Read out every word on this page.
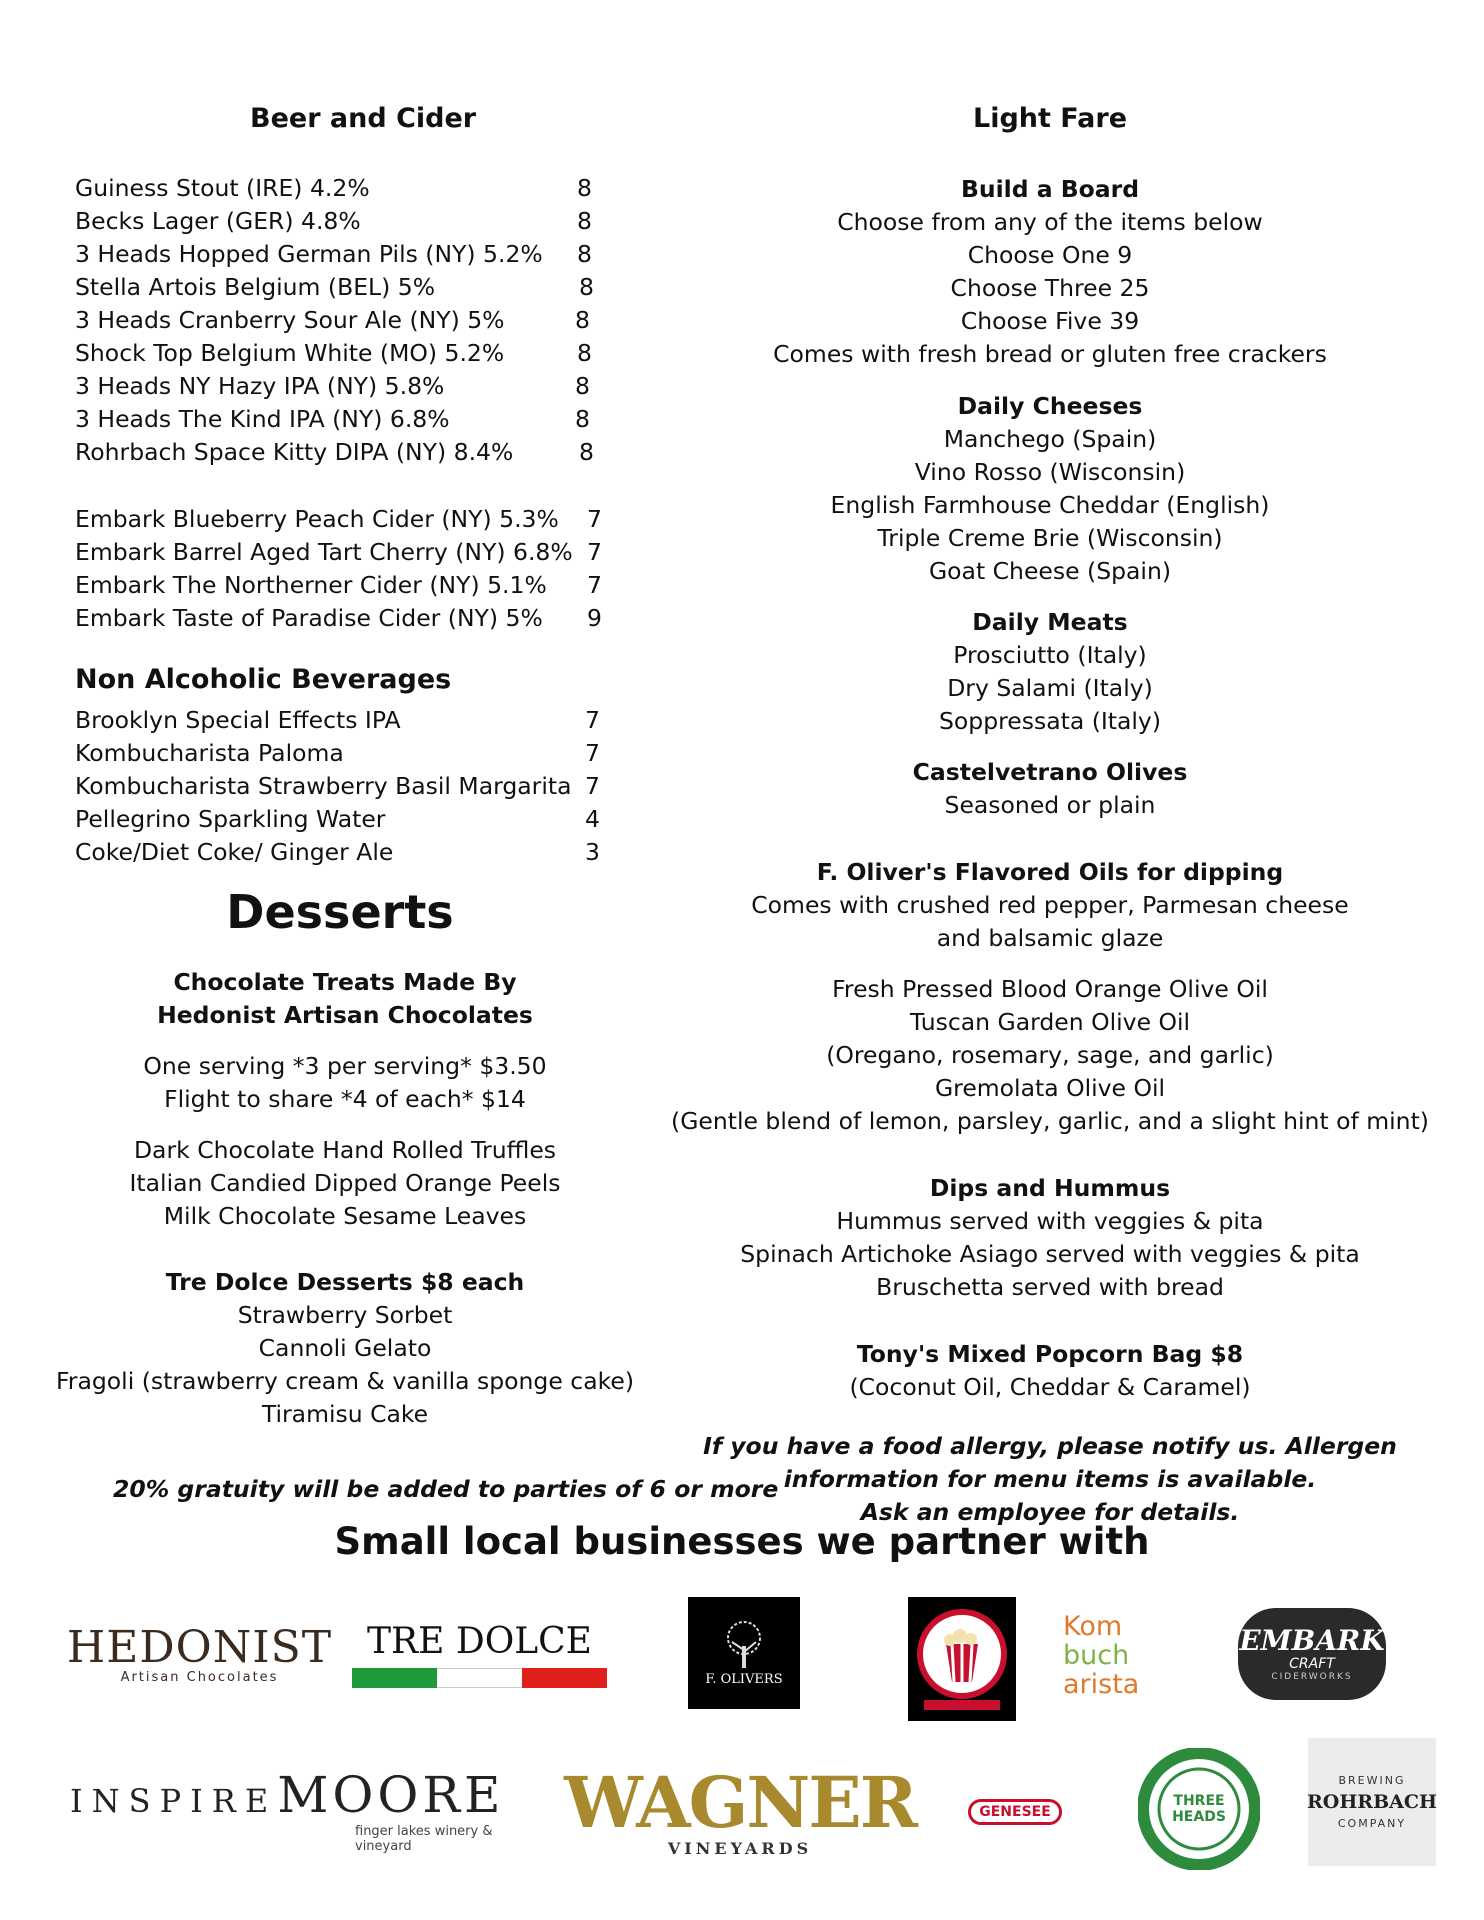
Beer and Cider
Guiness Stout (IRE) 4.2%	8
Becks Lager (GER) 4.8%	8
3 Heads Hopped German Pils (NY) 5.2% 8
Stella Artois Belgium (BEL) 5%	8
3 Heads Cranberry Sour Ale (NY) 5%	8
Shock Top Belgium White (MO) 5.2%	8
3 Heads NY Hazy IPA (NY) 5.8%	8
3 Heads The Kind IPA (NY) 6.8%	8
Rohrbach Space Kitty DIPA (NY) 8.4%	8
Embark Blueberry Peach Cider (NY) 5.3% 7
Embark Barrel Aged Tart Cherry (NY) 6.8% 7
Embark The Northerner Cider (NY) 5.1% 7
Embark Taste of Paradise Cider (NY) 5% 9
Non Alcoholic Beverages
Brooklyn Special Effects IPA	7
Kombucharista Paloma	7
Kombucharista Strawberry Basil Margarita 7
Pellegrino Sparkling Water	4
Coke/Diet Coke/ Ginger Ale	3
Desserts
Chocolate Treats Made By
Hedonist Artisan Chocolates
One serving *3 per serving* $3.50
Flight to share *4 of each* $14
Dark Chocolate Hand Rolled Truffles
Italian Candied Dipped Orange Peels
Milk Chocolate Sesame Leaves
Tre Dolce Desserts $8 each
Strawberry Sorbet
Cannoli Gelato
Fragoli (strawberry cream & vanilla sponge cake)
Tiramisu Cake
20% gratuity will be added to parties of 6 or more
Light Fare
Build a Board
Choose from any of the items below
Choose One 9
Choose Three 25
Choose Five 39
Comes with fresh bread or gluten free crackers
Daily Cheeses
Manchego (Spain)
Vino Rosso (Wisconsin)
English Farmhouse Cheddar (English)
Triple Creme Brie (Wisconsin)
Goat Cheese (Spain)
Daily Meats
Prosciutto (Italy)
Dry Salami (Italy)
Soppressata (Italy)
Castelvetrano Olives
Seasoned or plain
F. Oliver's Flavored Oils for dipping
Comes with crushed red pepper, Parmesan cheese
and balsamic glaze
Fresh Pressed Blood Orange Olive Oil
Tuscan Garden Olive Oil
(Oregano, rosemary, sage, and garlic)
Gremolata Olive Oil
(Gentle blend of lemon, parsley, garlic, and a slight hint of mint)
Dips and Hummus
Hummus served with veggies & pita
Spinach Artichoke Asiago served with veggies & pita
Bruschetta served with bread
Tony's Mixed Popcorn Bag $8
(Coconut Oil, Cheddar & Caramel)
If you have a food allergy, please notify us. Allergen
information for menu items is available.
Ask an employee for details.
Small local businesses we partner with
HEDONIST
Artisan Chocolates
TRE DOLCE
F. OLIVERS
Kom
buch
arista
EMBARK
CRAFT
CIDERWORKS
INSPIRE MOORE
finger lakes winery & vineyard
WAGNER
VINEYARDS
GENESEE
THREE HEADS
BREWING
ROHRBACH
COMPANY
